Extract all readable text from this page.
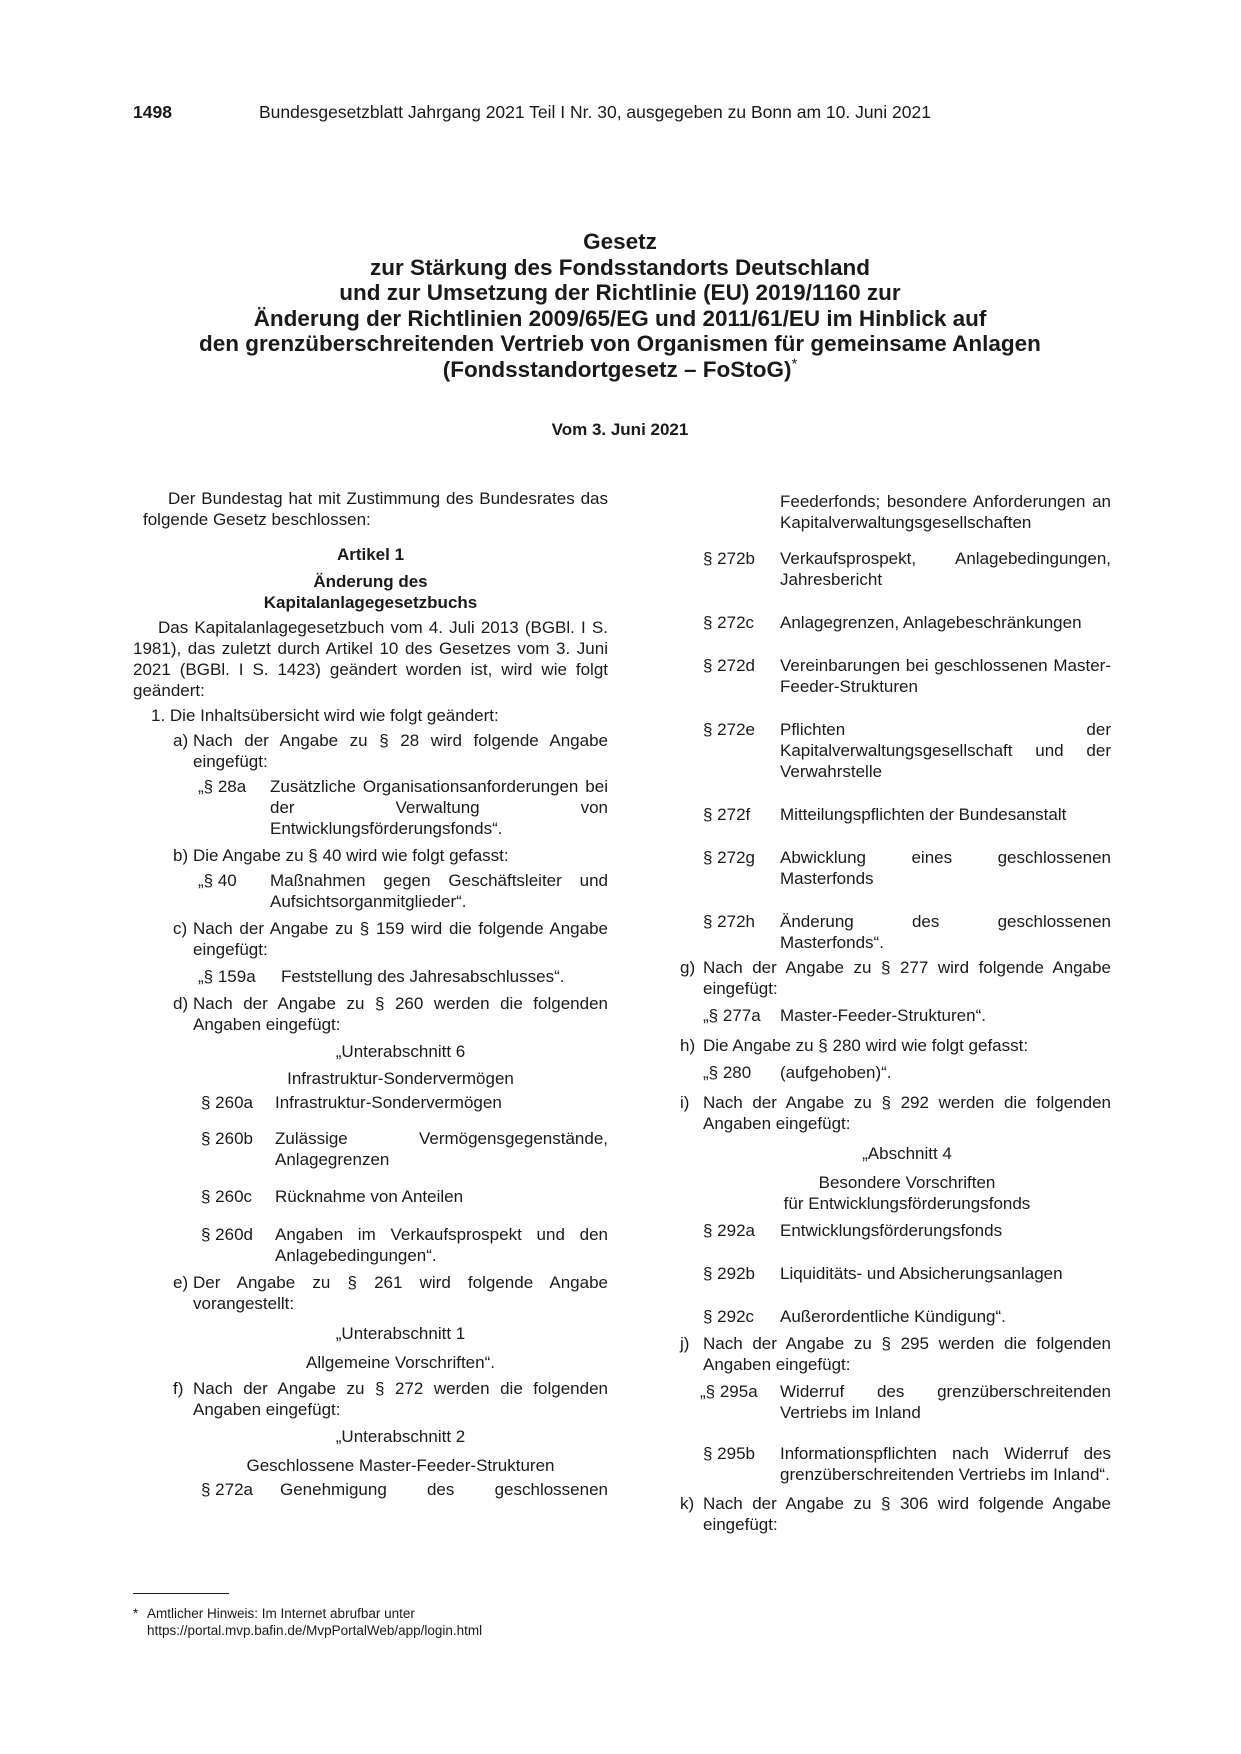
1498	Bundesgesetzblatt Jahrgang 2021 Teil I Nr. 30, ausgegeben zu Bonn am 10. Juni 2021
Gesetz
zur Stärkung des Fondsstandorts Deutschland
und zur Umsetzung der Richtlinie (EU) 2019/1160 zur
Änderung der Richtlinien 2009/65/EG und 2011/61/EU im Hinblick auf
den grenzüberschreitenden Vertrieb von Organismen für gemeinsame Anlagen
(Fondsstandortgesetz – FoStoG)*
Vom 3. Juni 2021

Der Bundestag hat mit Zustimmung des Bundesrates das folgende Gesetz beschlossen:

Artikel 1

Änderung des

Kapitalanlagegesetzbuchs

Das Kapitalanlagegesetzbuch vom 4. Juli 2013 (BGBl. I S. 1981), das zuletzt durch Artikel 10 des Gesetzes vom 3. Juni 2021 (BGBl. I S. 1423) geändert worden ist, wird wie folgt geändert:

1. Die Inhaltsübersicht wird wie folgt geändert:

a) Nach der Angabe zu § 28 wird folgende Angabe eingefügt:
„§ 28a Zusätzliche Organisationsanforderungen bei der Verwaltung von Entwicklungsförderungsfonds“.
b) Die Angabe zu § 40 wird wie folgt gefasst:
„§ 40 Maßnahmen gegen Geschäftsleiter und Aufsichtsorganmitglieder“.
c) Nach der Angabe zu § 159 wird die folgende Angabe eingefügt:
„§ 159a Feststellung des Jahresabschlusses“.
d) Nach der Angabe zu § 260 werden die folgenden Angaben eingefügt:

„Unterabschnitt 6

Infrastruktur-Sondervermögen

§ 260a Infrastruktur-Sondervermögen
§ 260b Zulässige Vermögensgegenstände, Anlagegrenzen
§ 260c Rücknahme von Anteilen
§ 260d Angaben im Verkaufsprospekt und den Anlagebedingungen“.
e) Der Angabe zu § 261 wird folgende Angabe vorangestellt:

„Unterabschnitt 1

Allgemeine Vorschriften“.

f) Nach der Angabe zu § 272 werden die folgenden Angaben eingefügt:

„Unterabschnitt 2

Geschlossene Master-Feeder-Strukturen

§ 272a Genehmigung des geschlossenen
Feederfonds; besondere Anforderungen an Kapitalverwaltungsgesellschaften
§ 272b Verkaufsprospekt, Anlagebedingungen, Jahresbericht
§ 272c Anlagegrenzen, Anlagebeschränkungen
§ 272d Vereinbarungen bei geschlossenen Master-Feeder-Strukturen
§ 272e Pflichten der Kapitalverwaltungsgesellschaft und der Verwahrstelle
§ 272f Mitteilungspflichten der Bundesanstalt
§ 272g Abwicklung eines geschlossenen Masterfonds
§ 272h Änderung des geschlossenen Masterfonds“.
g) Nach der Angabe zu § 277 wird folgende Angabe eingefügt:
„§ 277a Master-Feeder-Strukturen“.
h) Die Angabe zu § 280 wird wie folgt gefasst:
„§ 280 (aufgehoben)“.
i) Nach der Angabe zu § 292 werden die folgenden Angaben eingefügt:

„Abschnitt 4

Besondere Vorschriften

für Entwicklungsförderungsfonds

§ 292a Entwicklungsförderungsfonds
§ 292b Liquiditäts- und Absicherungsanlagen
§ 292c Außerordentliche Kündigung“.
j) Nach der Angabe zu § 295 werden die folgenden Angaben eingefügt:
„§ 295a Widerruf des grenzüberschreitenden Vertriebs im Inland
§ 295b Informationspflichten nach Widerruf des grenzüberschreitenden Vertriebs im Inland“.
k) Nach der Angabe zu § 306 wird folgende Angabe eingefügt:
* Amtlicher Hinweis: Im Internet abrufbar unter https://portal.mvp.bafin.de/MvpPortalWeb/app/login.html
